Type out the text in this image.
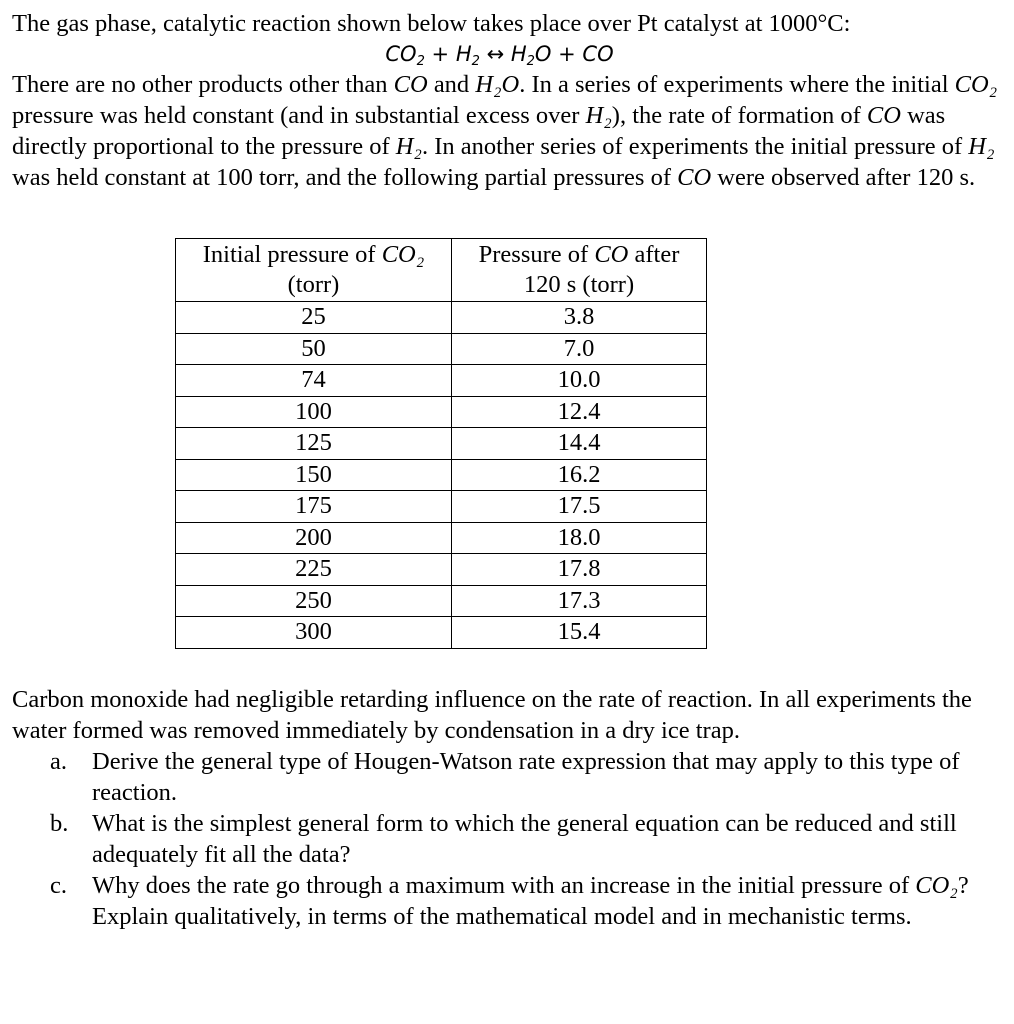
The gas phase, catalytic reaction shown below takes place over Pt catalyst at 1000°C:

$CO_2 + H_2$ ↔ $H_2O$ + CO

There are no other products other than CO and H₂O. In a series of experiments where the initial CO₂ pressure was held constant (and in substantial excess over H₂), the rate of formation of CO was directly proportional to the pressure of H₂. In another series of experiments the initial pressure of H₂ was held constant at 100 torr, and the following partial pressures of CO were observed after 120 s.

Initial pressure of CO₂
(torr)	Pressure of CO after
120 s (torr)
25	3.8
50	7.0
74	10.0
100	12.4
125	14.4
150	16.2
175	17.5
200	18.0
225	17.8
250	17.3
300	15.4

Carbon monoxide had negligible retarding influence on the rate of reaction. In all experiments the water formed was removed immediately by condensation in a dry ice trap.

a. Derive the general type of Hougen-Watson rate expression that may apply to this type of reaction.
b. What is the simplest general form to which the general equation can be reduced and still adequately fit all the data?
c. Why does the rate go through a maximum with an increase in the initial pressure of CO₂? Explain qualitatively, in terms of the mathematical model and in mechanistic terms.
